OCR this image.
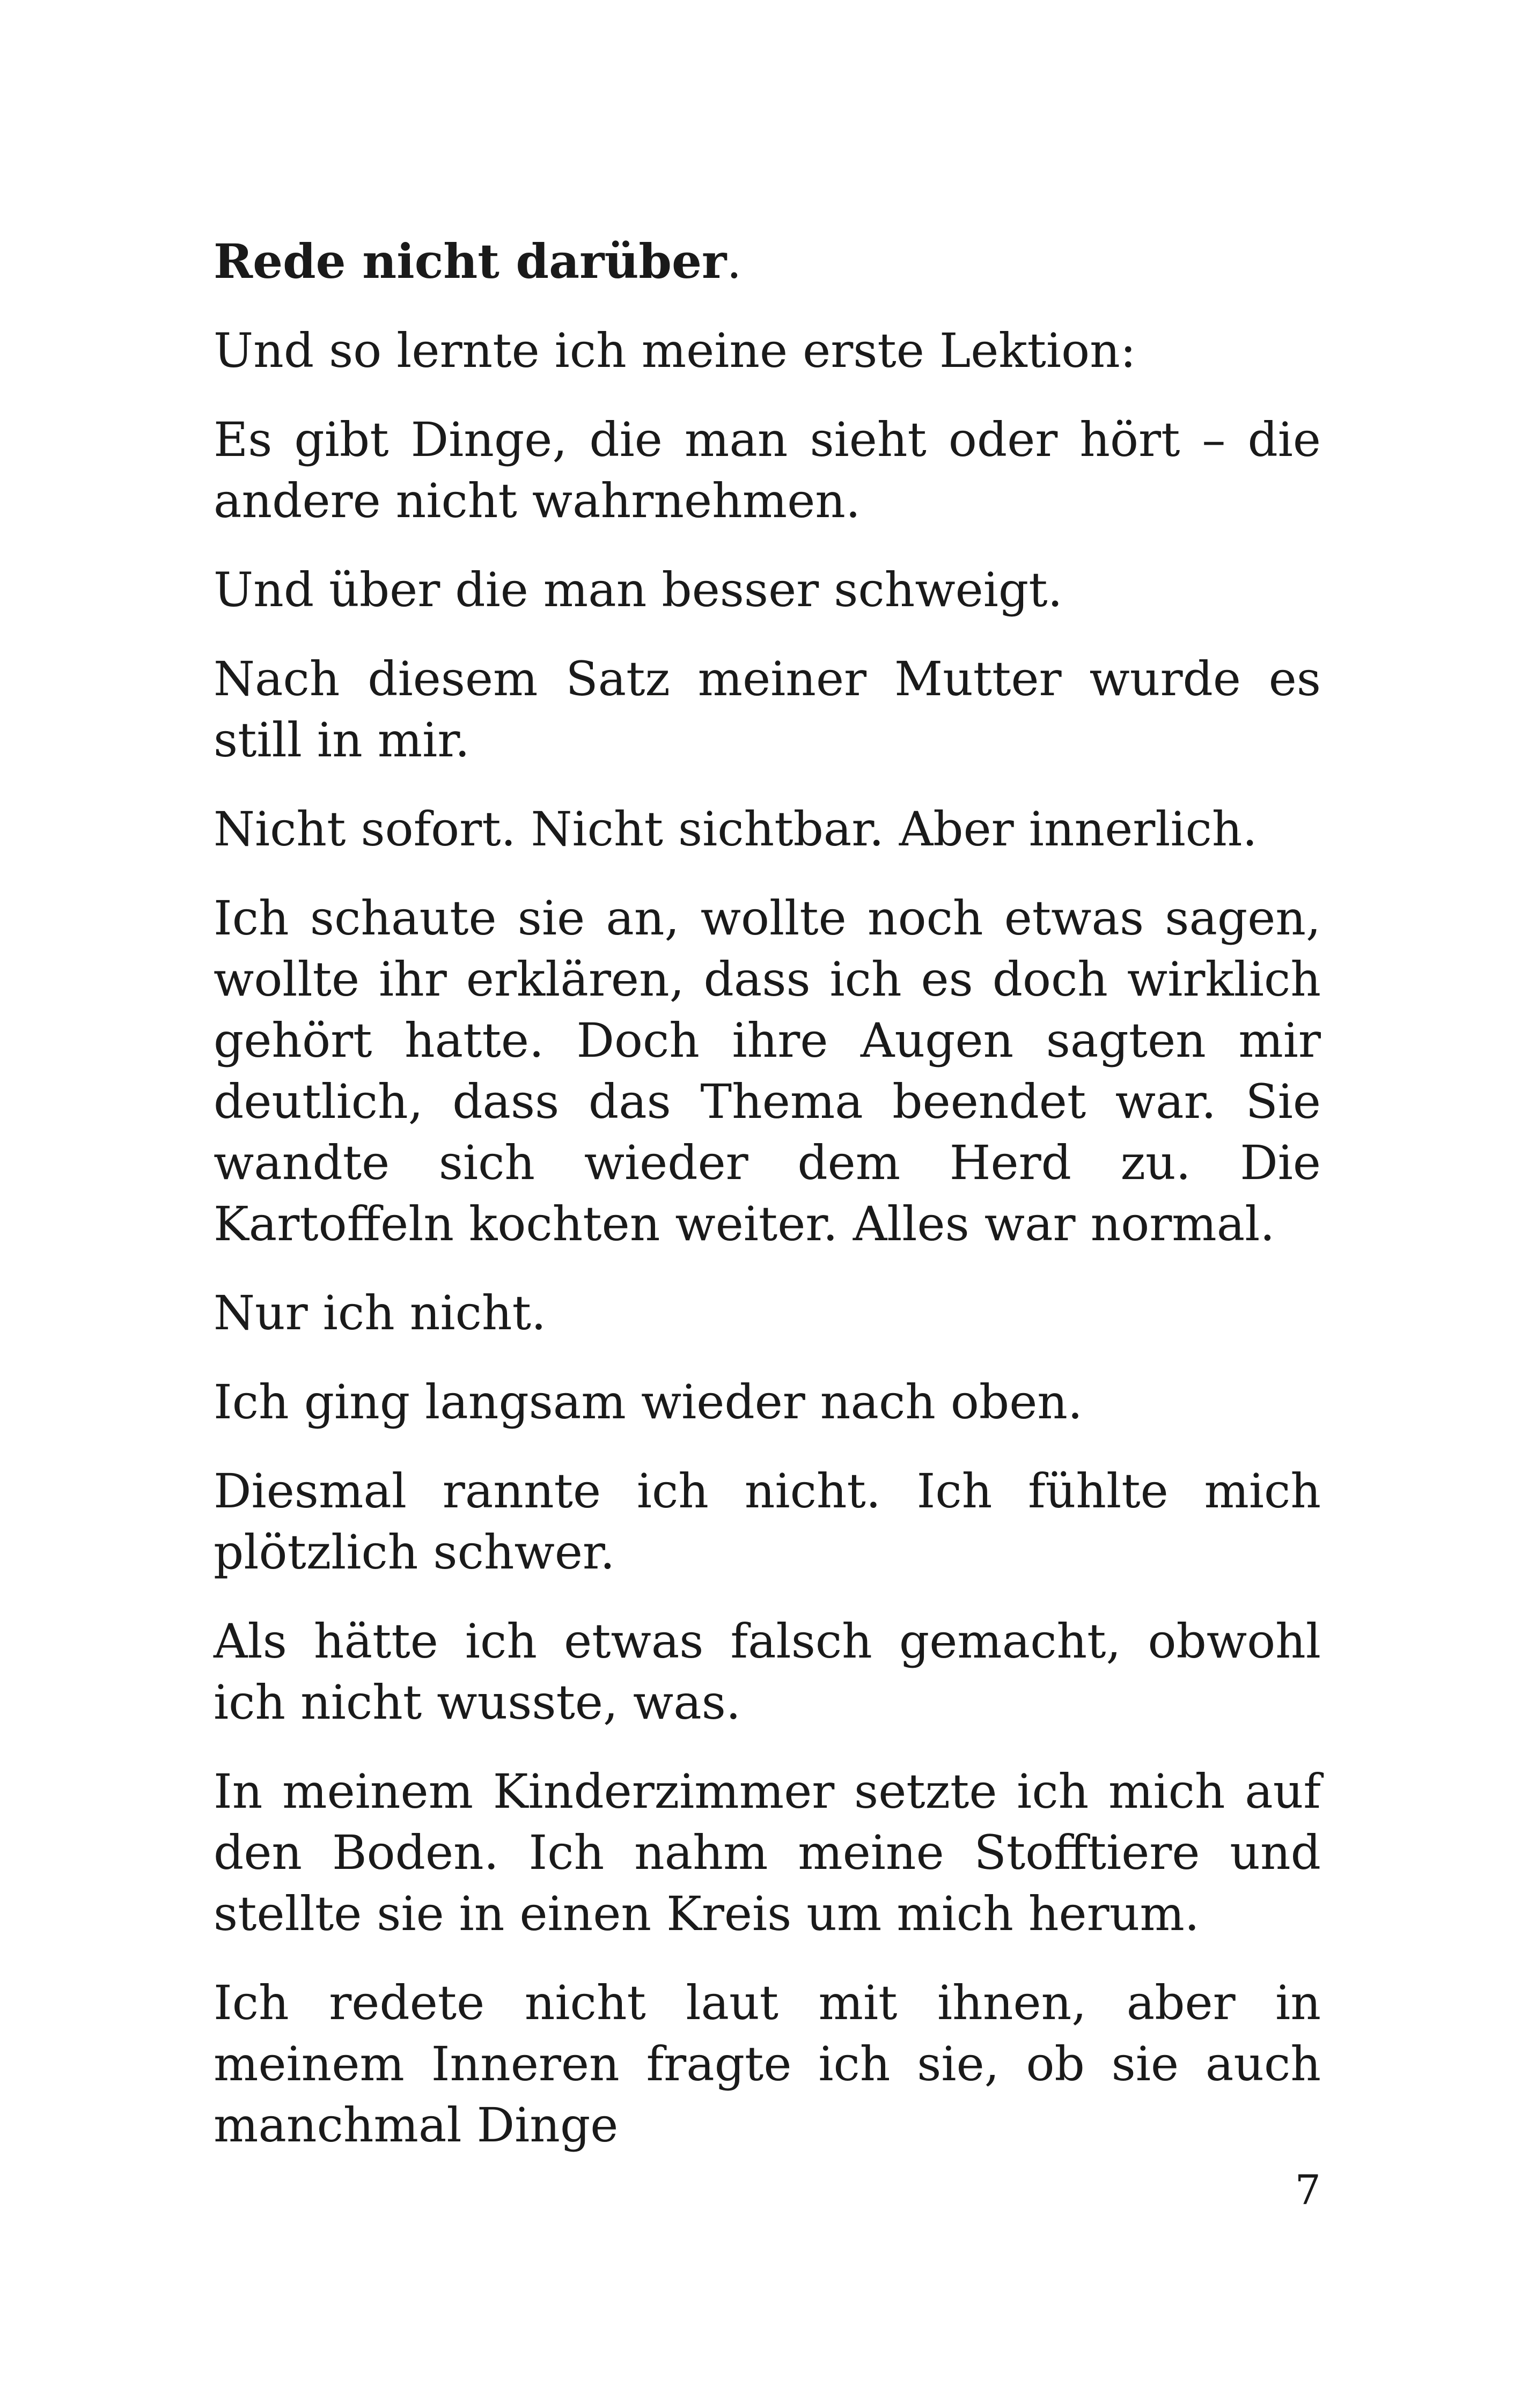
Rede nicht darüber.

Und so lernte ich meine erste Lektion:

Es gibt Dinge, die man sieht oder hört – die andere nicht wahrnehmen.

Und über die man besser schweigt.

Nach diesem Satz meiner Mutter wurde es still in mir.

Nicht sofort. Nicht sichtbar. Aber innerlich.

Ich schaute sie an, wollte noch etwas sagen, wollte ihr erklären, dass ich es doch wirklich gehört hatte. Doch ihre Augen sagten mir deutlich, dass das Thema beendet war. Sie wandte sich wieder dem Herd zu. Die Kartoffeln kochten weiter. Alles war normal.

Nur ich nicht.

Ich ging langsam wieder nach oben.

Diesmal rannte ich nicht. Ich fühlte mich plötzlich schwer.

Als hätte ich etwas falsch gemacht, obwohl ich nicht wusste, was.

In meinem Kinderzimmer setzte ich mich auf den Boden. Ich nahm meine Stofftiere und stellte sie in einen Kreis um mich herum.

Ich redete nicht laut mit ihnen, aber in meinem Inneren fragte ich sie, ob sie auch manchmal Dinge

7
